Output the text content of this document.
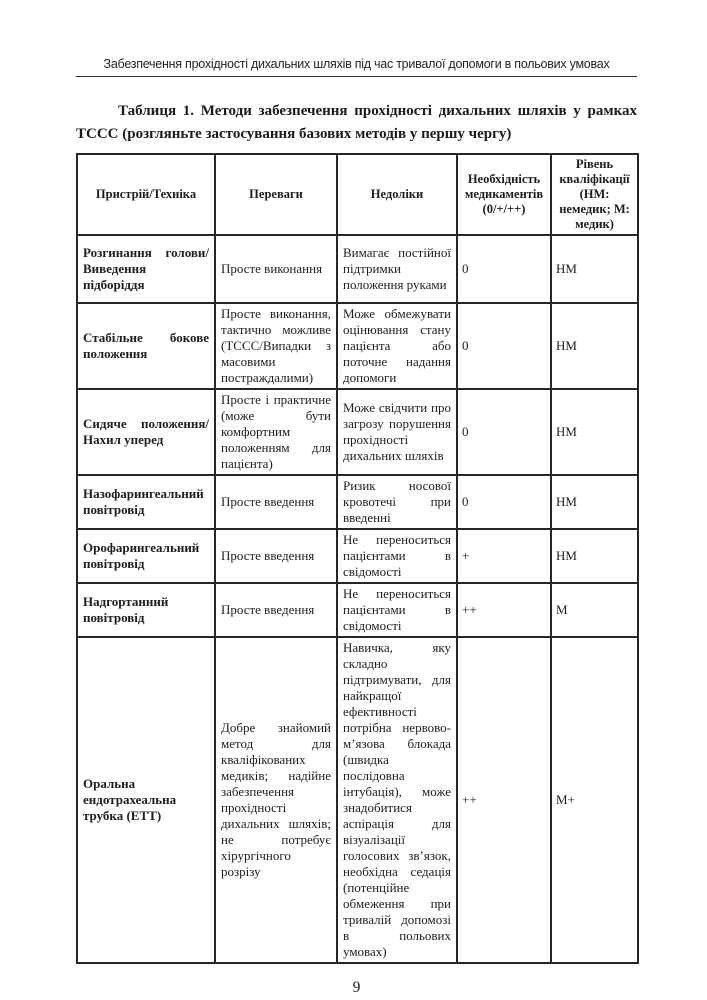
Забезпечення прохідності дихальних шляхів під час тривалої допомоги в польових умовах

Таблиця 1. Методи забезпечення прохідності дихальних шляхів у рамках ТССС (розгляньте застосування базових методів у першу чергу)

Пристрій/Техніка	Переваги	Недоліки	Необхідність медикаментів (0/+/++)	Рівень кваліфікації (НМ: немедик; М: медик)
Розгинання голови/ Виведення підборіддя	Просте виконання	Вимагає постійної підтримки положення руками	0	НМ
Стабільне бокове положення	Просте виконання, тактично можливе (ТССС/Випадки з масовими постраждалими)	Може обмежувати оцінювання стану пацієнта або поточне надання допомоги	0	НМ
Сидяче положення/ Нахил уперед	Просте і практичне (може бути комфортним положенням для пацієнта)	Може свідчити про загрозу порушення прохідності дихальних шляхів	0	НМ
Назофарингеальний повітровід	Просте введення	Ризик носової кровотечі при введенні	0	НМ
Орофарингеальний повітровід	Просте введення	Не переноситься пацієнтами в свідомості	+	НМ
Надгортанний повітровід	Просте введення	Не переноситься пацієнтами в свідомості	++	М
Оральна ендотрахеальна трубка (ЕТТ)	Добре знайомий метод для кваліфікованих медиків; надійне забезпечення прохідності дихальних шляхів; не потребує хірургічного розрізу	Навичка, яку складно підтримувати, для найкращої ефективності потрібна нервово-м’язова блокада (швидка послідовна інтубація), може знадобитися аспірація для візуалізації голосових зв’язок, необхідна седація (потенційне обмеження при тривалій допомозі в польових умовах)	++	М+
9
